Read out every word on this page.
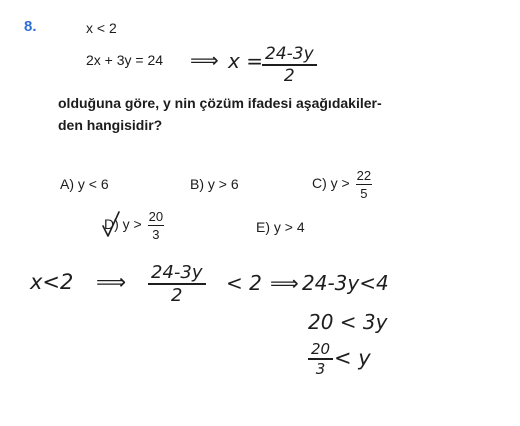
8.	x < 2
2x + 3y = 24 ⟹ $x = \frac{24-3y}{2}$
olduğuna göre, y nin çözüm ifadesi aşağıdakiler-
den hangisidir?
A) y < 6	B) y > 6	C) $y > \frac{22}{5}$
D) $y > \frac{20}{3}$	E) y > 4
x<2 ⟹ $\frac{24-3y}{2} < 2$ ⟹ 24-3y<4
20 < 3y
$\frac{20}{3} < y$
